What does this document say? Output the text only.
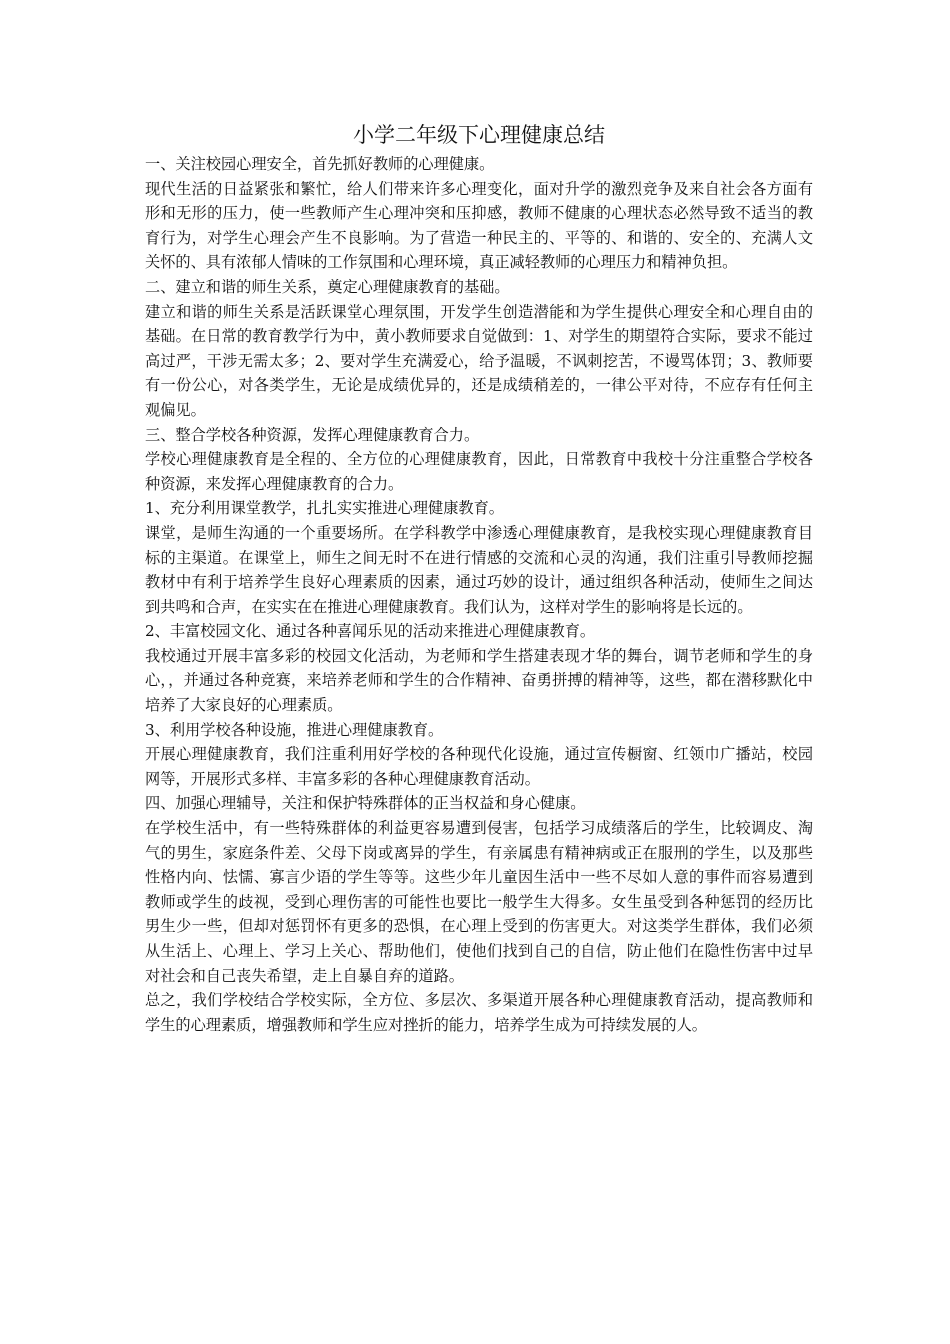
小学二年级下心理健康总结

一、关注校园心理安全，首先抓好教师的心理健康。

现代生活的日益紧张和繁忙，给人们带来许多心理变化，面对升学的激烈竞争及来自社会各方面有形和无形的压力，使一些教师产生心理冲突和压抑感，教师不健康的心理状态必然导致不适当的教育行为，对学生心理会产生不良影响。为了营造一种民主的、平等的、和谐的、安全的、充满人文关怀的、具有浓郁人情味的工作氛围和心理环境，真正减轻教师的心理压力和精神负担。

二、建立和谐的师生关系，奠定心理健康教育的基础。

建立和谐的师生关系是活跃课堂心理氛围，开发学生创造潜能和为学生提供心理安全和心理自由的基础。在日常的教育教学行为中，黄小教师要求自觉做到：1、对学生的期望符合实际，要求不能过高过严，干涉无需太多；2、要对学生充满爱心，给予温暖，不讽刺挖苦，不谩骂体罚；3、教师要有一份公心，对各类学生，无论是成绩优异的，还是成绩稍差的，一律公平对待，不应存有任何主观偏见。

三、整合学校各种资源，发挥心理健康教育合力。

学校心理健康教育是全程的、全方位的心理健康教育，因此，日常教育中我校十分注重整合学校各种资源，来发挥心理健康教育的合力。

1、充分利用课堂教学，扎扎实实推进心理健康教育。

课堂，是师生沟通的一个重要场所。在学科教学中渗透心理健康教育，是我校实现心理健康教育目标的主渠道。在课堂上，师生之间无时不在进行情感的交流和心灵的沟通，我们注重引导教师挖掘教材中有利于培养学生良好心理素质的因素，通过巧妙的设计，通过组织各种活动，使师生之间达到共鸣和合声，在实实在在推进心理健康教育。我们认为，这样对学生的影响将是长远的。

2、丰富校园文化、通过各种喜闻乐见的活动来推进心理健康教育。

我校通过开展丰富多彩的校园文化活动，为老师和学生搭建表现才华的舞台，调节老师和学生的身心，，并通过各种竞赛，来培养老师和学生的合作精神、奋勇拼搏的精神等，这些，都在潜移默化中培养了大家良好的心理素质。

3、利用学校各种设施，推进心理健康教育。

开展心理健康教育，我们注重利用好学校的各种现代化设施，通过宣传橱窗、红领巾广播站，校园网等，开展形式多样、丰富多彩的各种心理健康教育活动。

四、加强心理辅导，关注和保护特殊群体的正当权益和身心健康。

在学校生活中，有一些特殊群体的利益更容易遭到侵害，包括学习成绩落后的学生，比较调皮、淘气的男生，家庭条件差、父母下岗或离异的学生，有亲属患有精神病或正在服刑的学生，以及那些性格内向、怯懦、寡言少语的学生等等。这些少年儿童因生活中一些不尽如人意的事件而容易遭到教师或学生的歧视，受到心理伤害的可能性也要比一般学生大得多。女生虽受到各种惩罚的经历比男生少一些，但却对惩罚怀有更多的恐惧，在心理上受到的伤害更大。对这类学生群体，我们必须从生活上、心理上、学习上关心、帮助他们，使他们找到自己的自信，防止他们在隐性伤害中过早对社会和自己丧失希望，走上自暴自弃的道路。

总之，我们学校结合学校实际，全方位、多层次、多渠道开展各种心理健康教育活动，提高教师和学生的心理素质，增强教师和学生应对挫折的能力，培养学生成为可持续发展的人。
